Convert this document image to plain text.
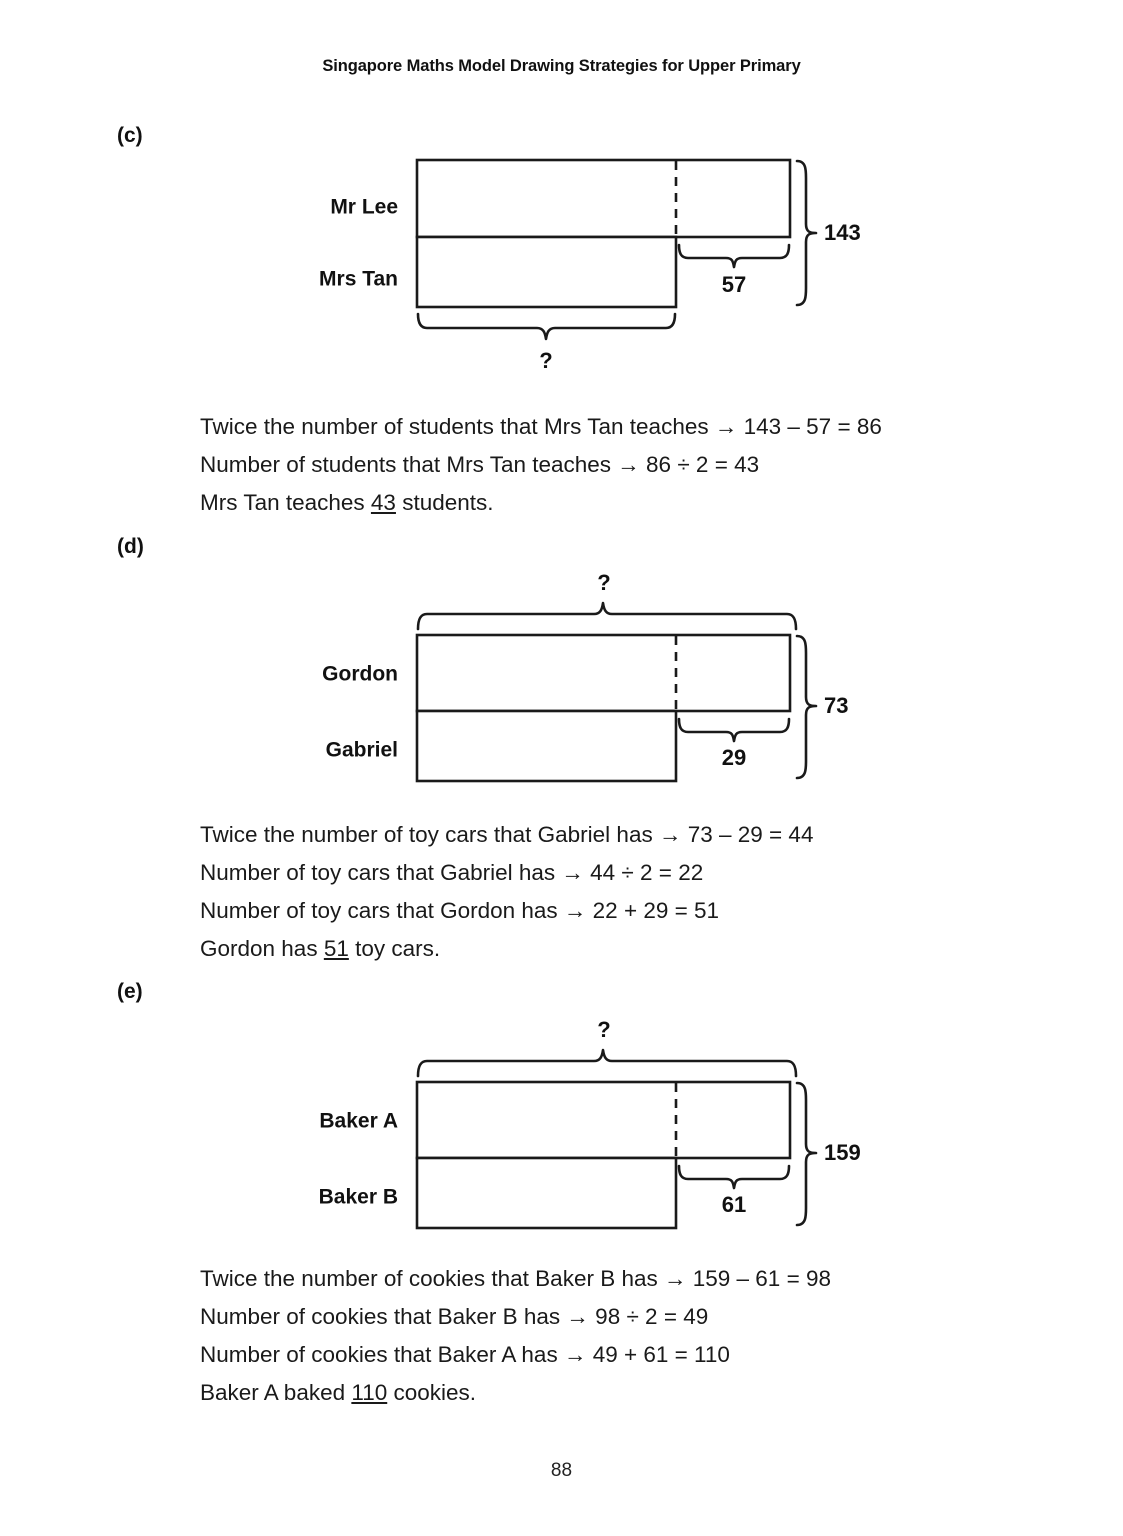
Singapore Maths Model Drawing Strategies for Upper Primary
(c)
Mr Lee
Mrs Tan
143
57
?
Twice the number of students that Mrs Tan teaches → 143 – 57 = 86
Number of students that Mrs Tan teaches → 86 ÷ 2 = 43
Mrs Tan teaches 43 students.
(d)
?
Gordon
Gabriel
73
29
Twice the number of toy cars that Gabriel has → 73 – 29 = 44
Number of toy cars that Gabriel has → 44 ÷ 2 = 22
Number of toy cars that Gordon has → 22 + 29 = 51
Gordon has 51 toy cars.
(e)
?
Baker A
Baker B
159
61
Twice the number of cookies that Baker B has → 159 – 61 = 98
Number of cookies that Baker B has → 98 ÷ 2 = 49
Number of cookies that Baker A has → 49 + 61 = 110
Baker A baked 110 cookies.
88
